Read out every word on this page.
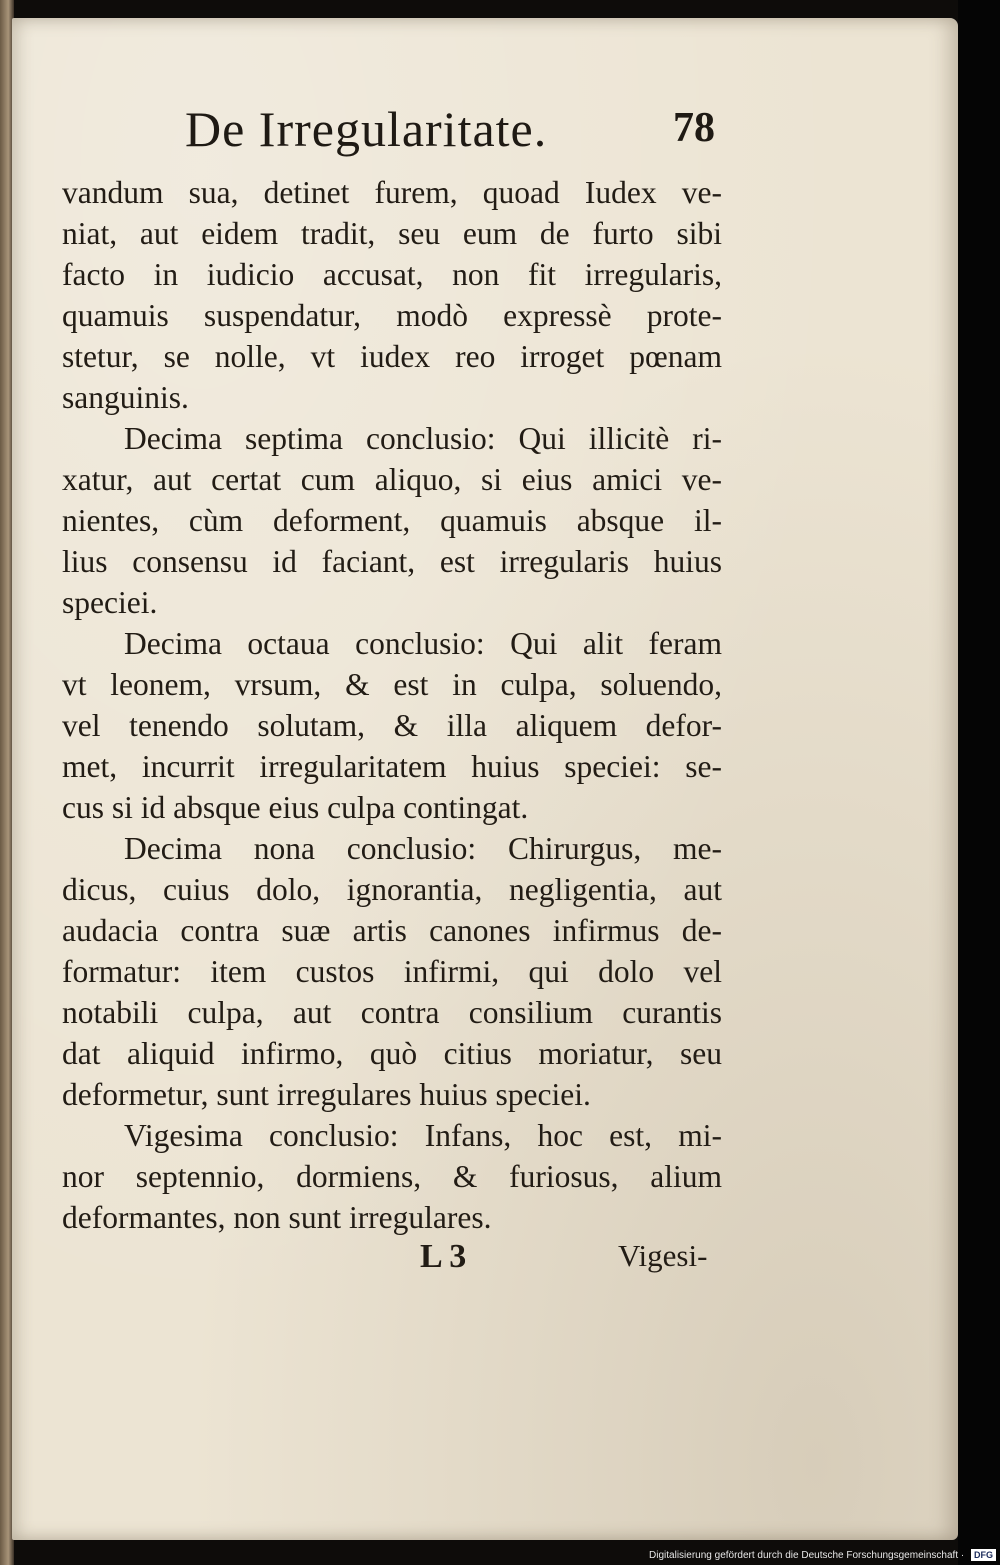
De Irregularitate.	78
vandum sua, detinet furem, quoad Iudex ve-
niat, aut eidem tradit, seu eum de furto sibi
facto in iudicio accusat, non fit irregularis,
quamuis suspendatur, modò expressè prote-
stetur, se nolle, vt iudex reo irroget pœnam
sanguinis.
Decima septima conclusio: Qui illicitè ri-
xatur, aut certat cum aliquo, si eius amici ve-
nientes, cùm deforment, quamuis absque il-
lius consensu id faciant, est irregularis huius
speciei.
Decima octaua conclusio: Qui alit feram
vt leonem, vrsum, & est in culpa, soluendo,
vel tenendo solutam, & illa aliquem defor-
met, incurrit irregularitatem huius speciei: se-
cus si id absque eius culpa contingat.
Decima nona conclusio: Chirurgus, me-
dicus, cuius dolo, ignorantia, negligentia, aut
audacia contra suæ artis canones infirmus de-
formatur: item custos infirmi, qui dolo vel
notabili culpa, aut contra consilium curantis
dat aliquid infirmo, quò citius moriatur, seu
deformetur, sunt irregulares huius speciei.
Vigesima conclusio: Infans, hoc est, mi-
nor septennio, dormiens, & furiosus, alium
deformantes, non sunt irregulares.
L 3	Vigesi-
Digitalisierung gefördert durch die Deutsche Forschungsgemeinschaft · DFG
